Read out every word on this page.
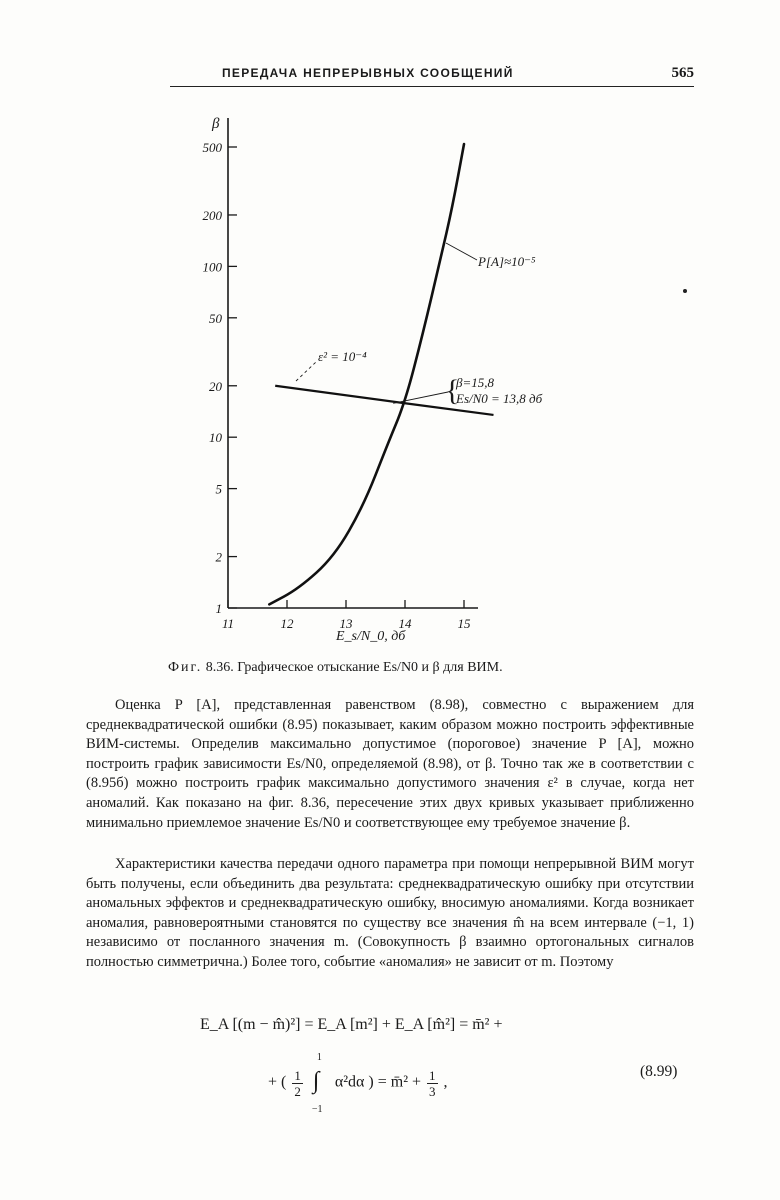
ПЕРЕДАЧА НЕПРЕРЫВНЫХ СООБЩЕНИЙ	565
1
2
5
10
20
50
100
200
500
11	12	13	14	15
β
E_s/N_0, дб
P[A]≈10⁻⁵
ε² = 10⁻⁴
{
β=15,8
Es/N0 = 13,8 дб
Фиг. 8.36. Графическое отыскание Es/N0 и β для ВИМ.

Оценка P [A], представленная равенством (8.98), совместно с выражением для среднеквадратической ошибки (8.95) показывает, каким образом можно построить эффективные ВИМ-системы. Определив максимально допустимое (пороговое) значение P [A], можно построить график зависимости Es/N0, определяемой (8.98), от β. Точно так же в соответствии с (8.95б) можно построить график максимально допустимого значения ε² в случае, когда нет аномалий. Как показано на фиг. 8.36, пересечение этих двух кривых указывает приближенно минимально приемлемое значение Es/N0 и соответствующее ему требуемое значение β.

Характеристики качества передачи одного параметра при помощи непрерывной ВИМ могут быть получены, если объединить два результата: среднеквадратическую ошибку при отсутствии аномальных эффектов и среднеквадратическую ошибку, вносимую аномалиями. Когда возникает аномалия, равновероятными становятся по существу все значения m̂ на всем интервале (−1, 1) независимо от посланного значения m. (Совокупность β взаимно ортогональных сигналов полностью симметрична.) Более того, событие «аномалия» не зависит от m. Поэтому

E_A [(m − m̂)²] = E_A [m²] + E_A [m̂²] = m̄² +
+ ( $\frac{1}{2}$

1
∫
−1
α²dα ) = m̄² + $\frac{1}{3}$ ,
(8.99)
